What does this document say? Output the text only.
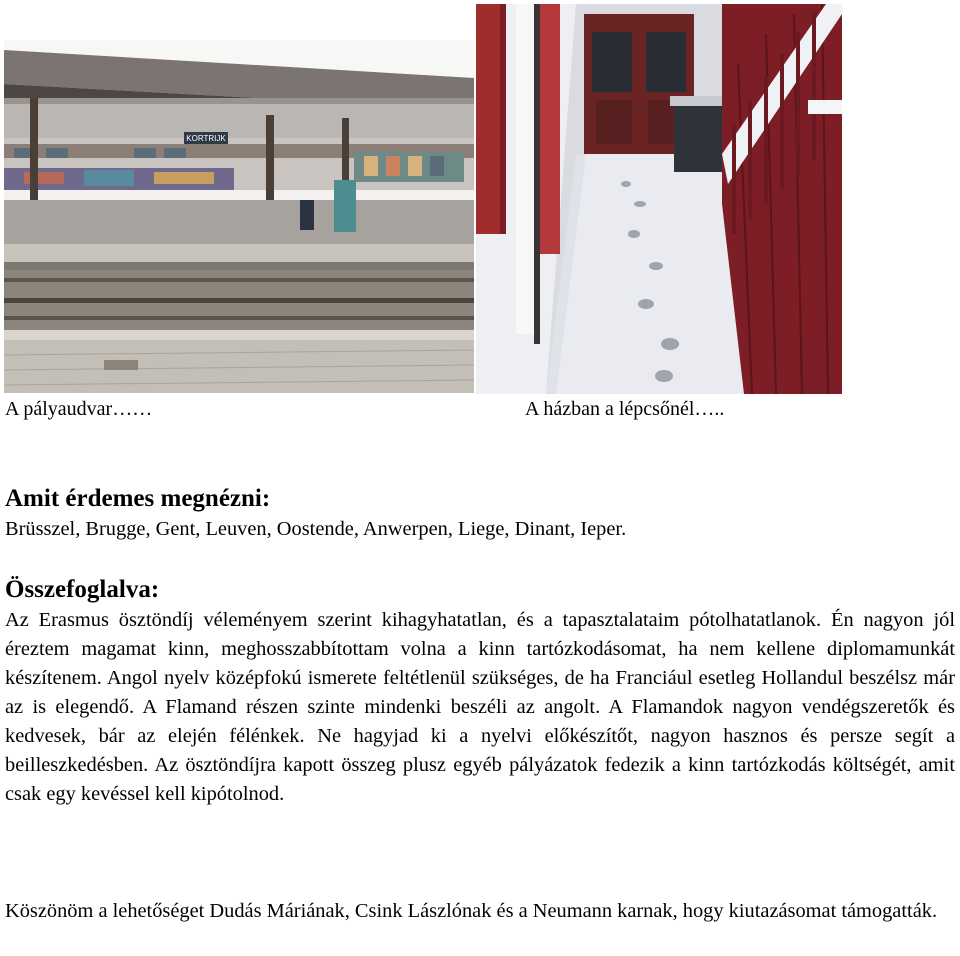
KORTRIJK
A pályaudvar……	A házban a lépcsőnél…..
Amit érdemes megnézni:
Brüsszel, Brugge, Gent, Leuven, Oostende, Anwerpen, Liege, Dinant, Ieper.
Összefoglalva:
Az Erasmus ösztöndíj véleményem szerint kihagyhatatlan, és a tapasztalataim pótolhatatlanok. Én nagyon jól éreztem magamat kinn, meghosszabbítottam volna a kinn tartózkodásomat, ha nem kellene diplomamunkát készítenem. Angol nyelv középfokú ismerete feltétlenül szükséges, de ha Franciául esetleg Hollandul beszélsz már az is elegendő. A Flamand részen szinte mindenki beszéli az angolt. A Flamandok nagyon vendégszeretők és kedvesek, bár az elején félénkek. Ne hagyjad ki a nyelvi előkészítőt, nagyon hasznos és persze segít a beilleszkedésben. Az ösztöndíjra kapott összeg plusz egyéb pályázatok fedezik a kinn tartózkodás költségét, amit csak egy kevéssel kell kipótolnod.
Köszönöm a lehetőséget Dudás Máriának, Csink Lászlónak és a Neumann karnak, hogy kiutazásomat támogatták.
